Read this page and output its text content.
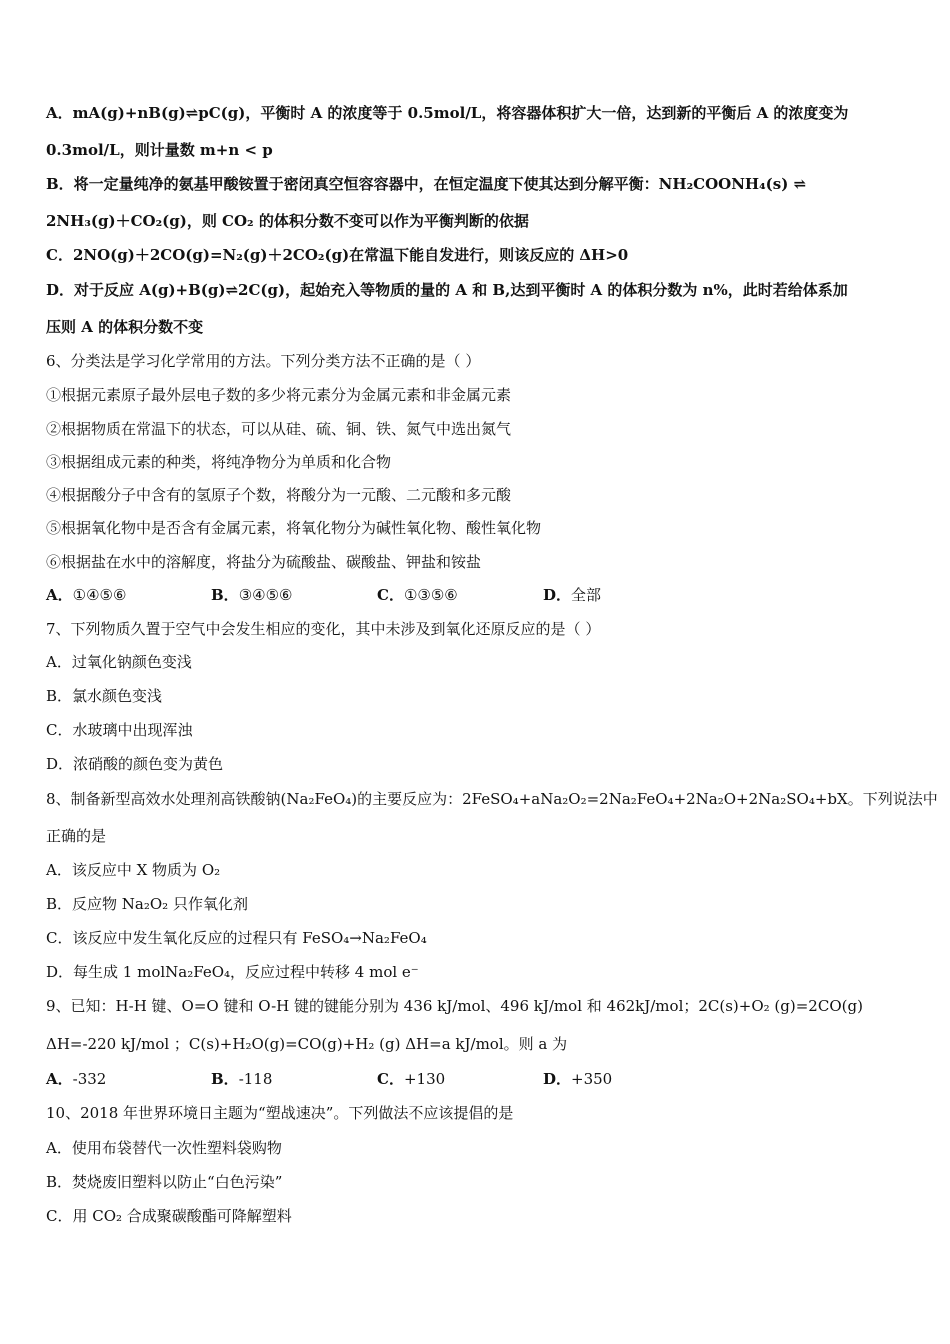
A．mA(g)+nB(g)⇌pC(g)，平衡时 A 的浓度等于 0.5mol/L，将容器体积扩大一倍，达到新的平衡后 A 的浓度变为
0.3mol/L，则计量数 m+n < p
B．将一定量纯净的氨基甲酸铵置于密闭真空恒容容器中，在恒定温度下使其达到分解平衡：NH₂COONH₄(s) ⇌
2NH₃(g)＋CO₂(g)，则 CO₂ 的体积分数不变可以作为平衡判断的依据
C．2NO(g)＋2CO(g)=N₂(g)＋2CO₂(g)在常温下能自发进行，则该反应的 ΔH>0
D．对于反应 A(g)+B(g)⇌2C(g)，起始充入等物质的量的 A 和 B,达到平衡时 A 的体积分数为 n%，此时若给体系加
压则 A 的体积分数不变
6、分类法是学习化学常用的方法。下列分类方法不正确的是（ ）
①根据元素原子最外层电子数的多少将元素分为金属元素和非金属元素
②根据物质在常温下的状态，可以从硅、硫、铜、铁、氮气中选出氮气
③根据组成元素的种类，将纯净物分为单质和化合物
④根据酸分子中含有的氢原子个数，将酸分为一元酸、二元酸和多元酸
⑤根据氧化物中是否含有金属元素，将氧化物分为碱性氧化物、酸性氧化物
⑥根据盐在水中的溶解度，将盐分为硫酸盐、碳酸盐、钾盐和铵盐
A．①④⑤⑥	B．③④⑤⑥	C．①③⑤⑥	D．全部
7、下列物质久置于空气中会发生相应的变化，其中未涉及到氧化还原反应的是（ ）
A．过氧化钠颜色变浅
B．氯水颜色变浅
C．水玻璃中出现浑浊
D．浓硝酸的颜色变为黄色
8、制备新型高效水处理剂高铁酸钠(Na₂FeO₄)的主要反应为：2FeSO₄+aNa₂O₂=2Na₂FeO₄+2Na₂O+2Na₂SO₄+bX。下列说法中
正确的是
A．该反应中 X 物质为 O₂
B．反应物 Na₂O₂ 只作氧化剂
C．该反应中发生氧化反应的过程只有 FeSO₄→Na₂FeO₄
D．每生成 1 molNa₂FeO₄，反应过程中转移 4 mol e⁻
9、已知：H-H 键、O=O 键和 O-H 键的键能分别为 436 kJ/mol、496 kJ/mol 和 462kJ/mol；2C(s)+O₂ (g)=2CO(g)
ΔH=-220 kJ/mol ；C(s)+H₂O(g)=CO(g)+H₂ (g) ΔH=a kJ/mol。则 a 为
A．-332	B．-118	C．+130	D．+350
10、2018 年世界环境日主题为“塑战速决”。下列做法不应该提倡的是
A．使用布袋替代一次性塑料袋购物
B．焚烧废旧塑料以防止“白色污染”
C．用 CO₂ 合成聚碳酸酯可降解塑料
